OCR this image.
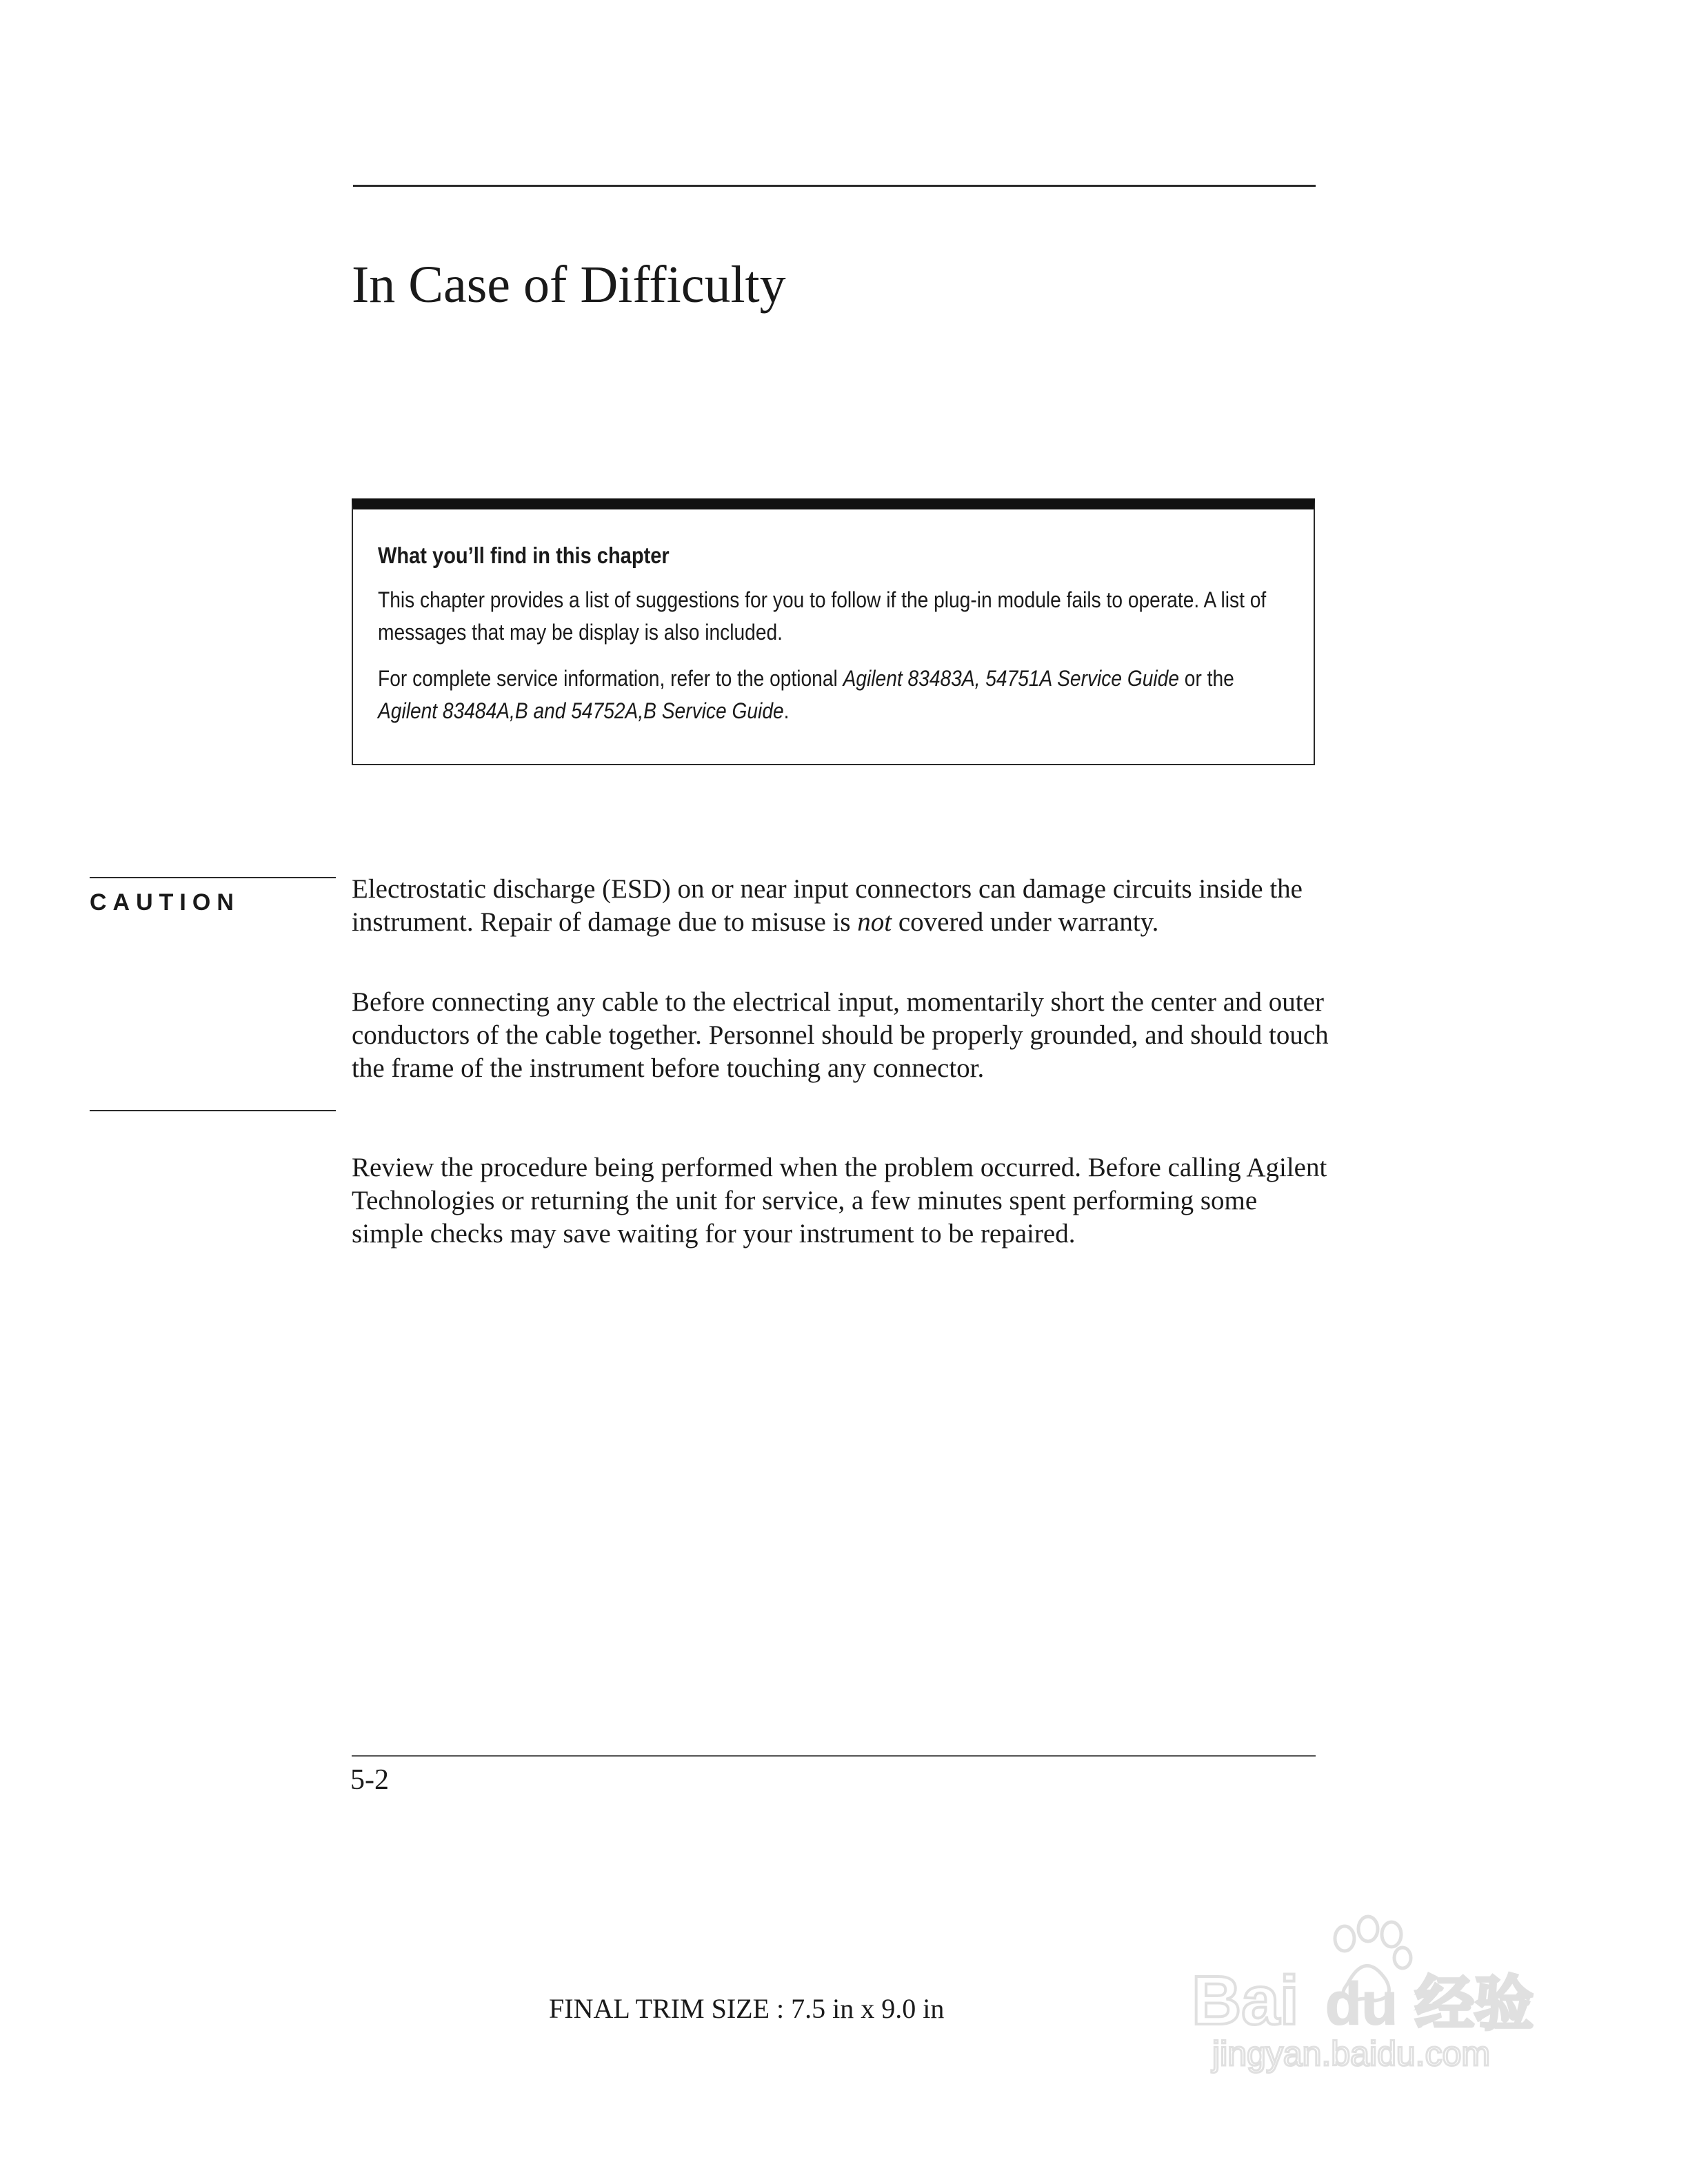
In Case of Difficulty

What you’ll find in this chapter

This chapter provides a list of suggestions for you to follow if the plug-in module fails to operate. A list of messages that may be display is also included.

For complete service information, refer to the optional Agilent 83483A, 54751A Service Guide or the Agilent 83484A,B and 54752A,B Service Guide.

CAUTION	Electrostatic discharge (ESD) on or near input connectors can damage circuits inside the instrument. Repair of damage due to misuse is not covered under warranty.

Before connecting any cable to the electrical input, momentarily short the center and outer conductors of the cable together. Personnel should be properly grounded, and should touch the frame of the instrument before touching any connector.

Review the procedure being performed when the problem occurred. Before calling Agilent Technologies or returning the unit for service, a few minutes spent performing some simple checks may save waiting for your instrument to be repaired.

5-2
FINAL TRIM SIZE : 7.5 in x 9.0 in	Bai du 经验
jingyan.baidu.com
